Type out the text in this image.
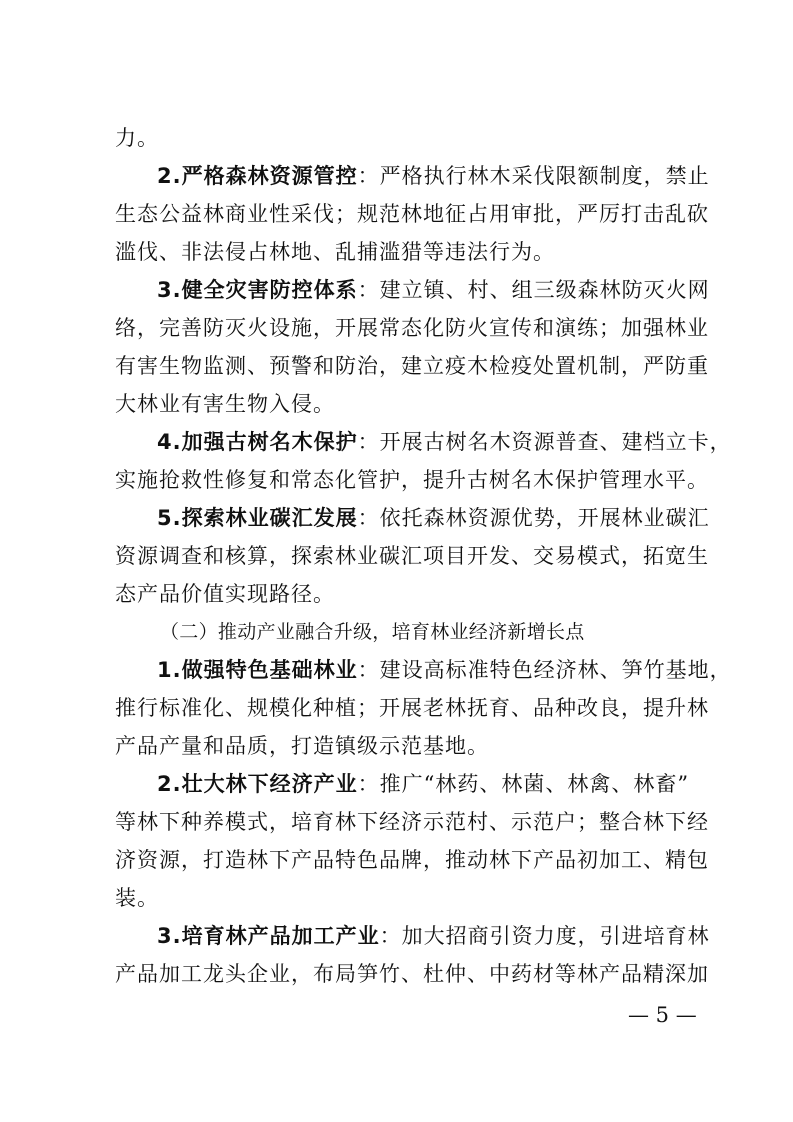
力。
2.严格森林资源管控：严格执行林木采伐限额制度，禁止
生态公益林商业性采伐；规范林地征占用审批，严厉打击乱砍
滥伐、非法侵占林地、乱捕滥猎等违法行为。
3.健全灾害防控体系：建立镇、村、组三级森林防灭火网
络，完善防灭火设施，开展常态化防火宣传和演练；加强林业
有害生物监测、预警和防治，建立疫木检疫处置机制，严防重
大林业有害生物入侵。
4.加强古树名木保护：开展古树名木资源普查、建档立卡，
实施抢救性修复和常态化管护，提升古树名木保护管理水平。
5.探索林业碳汇发展：依托森林资源优势，开展林业碳汇
资源调查和核算，探索林业碳汇项目开发、交易模式，拓宽生
态产品价值实现路径。
（二）推动产业融合升级，培育林业经济新增长点
1.做强特色基础林业：建设高标准特色经济林、笋竹基地，
推行标准化、规模化种植；开展老林抚育、品种改良，提升林
产品产量和品质，打造镇级示范基地。
2.壮大林下经济产业：推广“林药、林菌、林禽、林畜”
等林下种养模式，培育林下经济示范村、示范户；整合林下经
济资源，打造林下产品特色品牌，推动林下产品初加工、精包
装。
3.培育林产品加工产业：加大招商引资力度，引进培育林
产品加工龙头企业，布局笋竹、杜仲、中药材等林产品精深加
— 5 —
